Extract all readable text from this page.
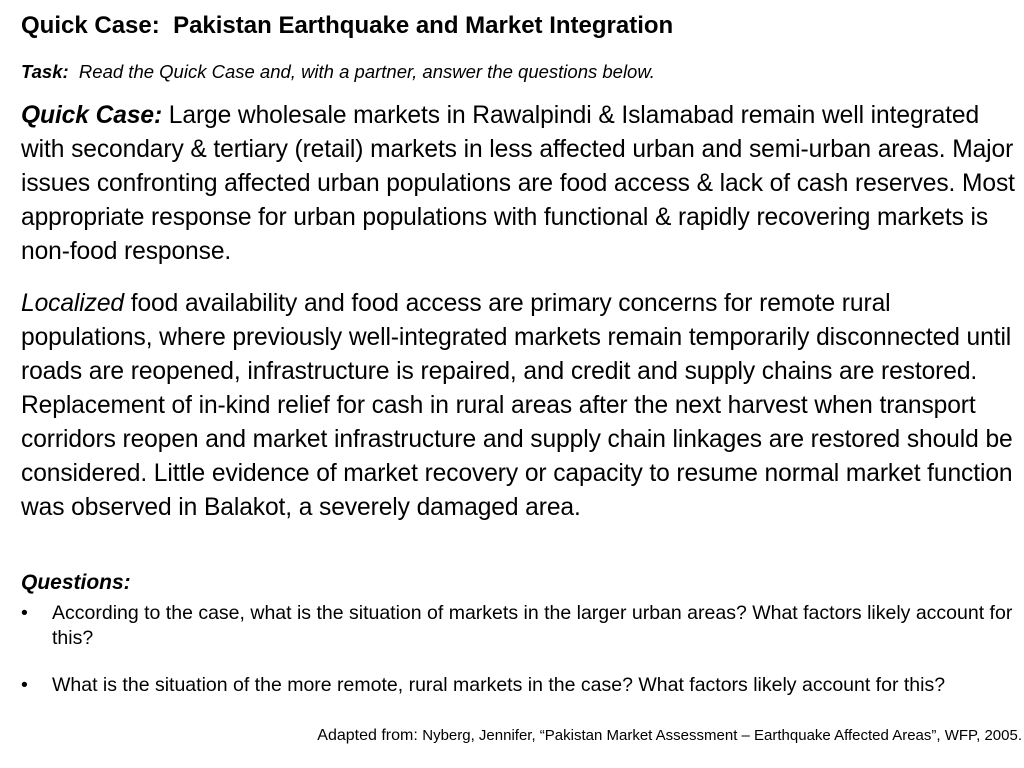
Quick Case:  Pakistan Earthquake and Market Integration
Task:  Read the Quick Case and, with a partner, answer the questions below.
Quick Case: Large wholesale markets in Rawalpindi & Islamabad remain well integrated with secondary & tertiary (retail) markets in less affected urban and semi-urban areas. Major issues confronting affected urban populations are food access & lack of cash reserves. Most appropriate response for urban populations with functional & rapidly recovering markets is non-food response.
Localized food availability and food access are primary concerns for remote rural populations, where previously well-integrated markets remain temporarily disconnected until roads are reopened, infrastructure is repaired, and credit and supply chains are restored. Replacement of in-kind relief for cash in rural areas after the next harvest when transport corridors reopen and market infrastructure and supply chain linkages are restored should be considered. Little evidence of market recovery or capacity to resume normal market function was observed in Balakot, a severely damaged area.
Questions:
•	According to the case, what is the situation of markets in the larger urban areas? What factors likely account for this?
•	What is the situation of the more remote, rural markets in the case? What factors likely account for this?
Adapted from: Nyberg, Jennifer, “Pakistan Market Assessment – Earthquake Affected Areas”, WFP, 2005.
